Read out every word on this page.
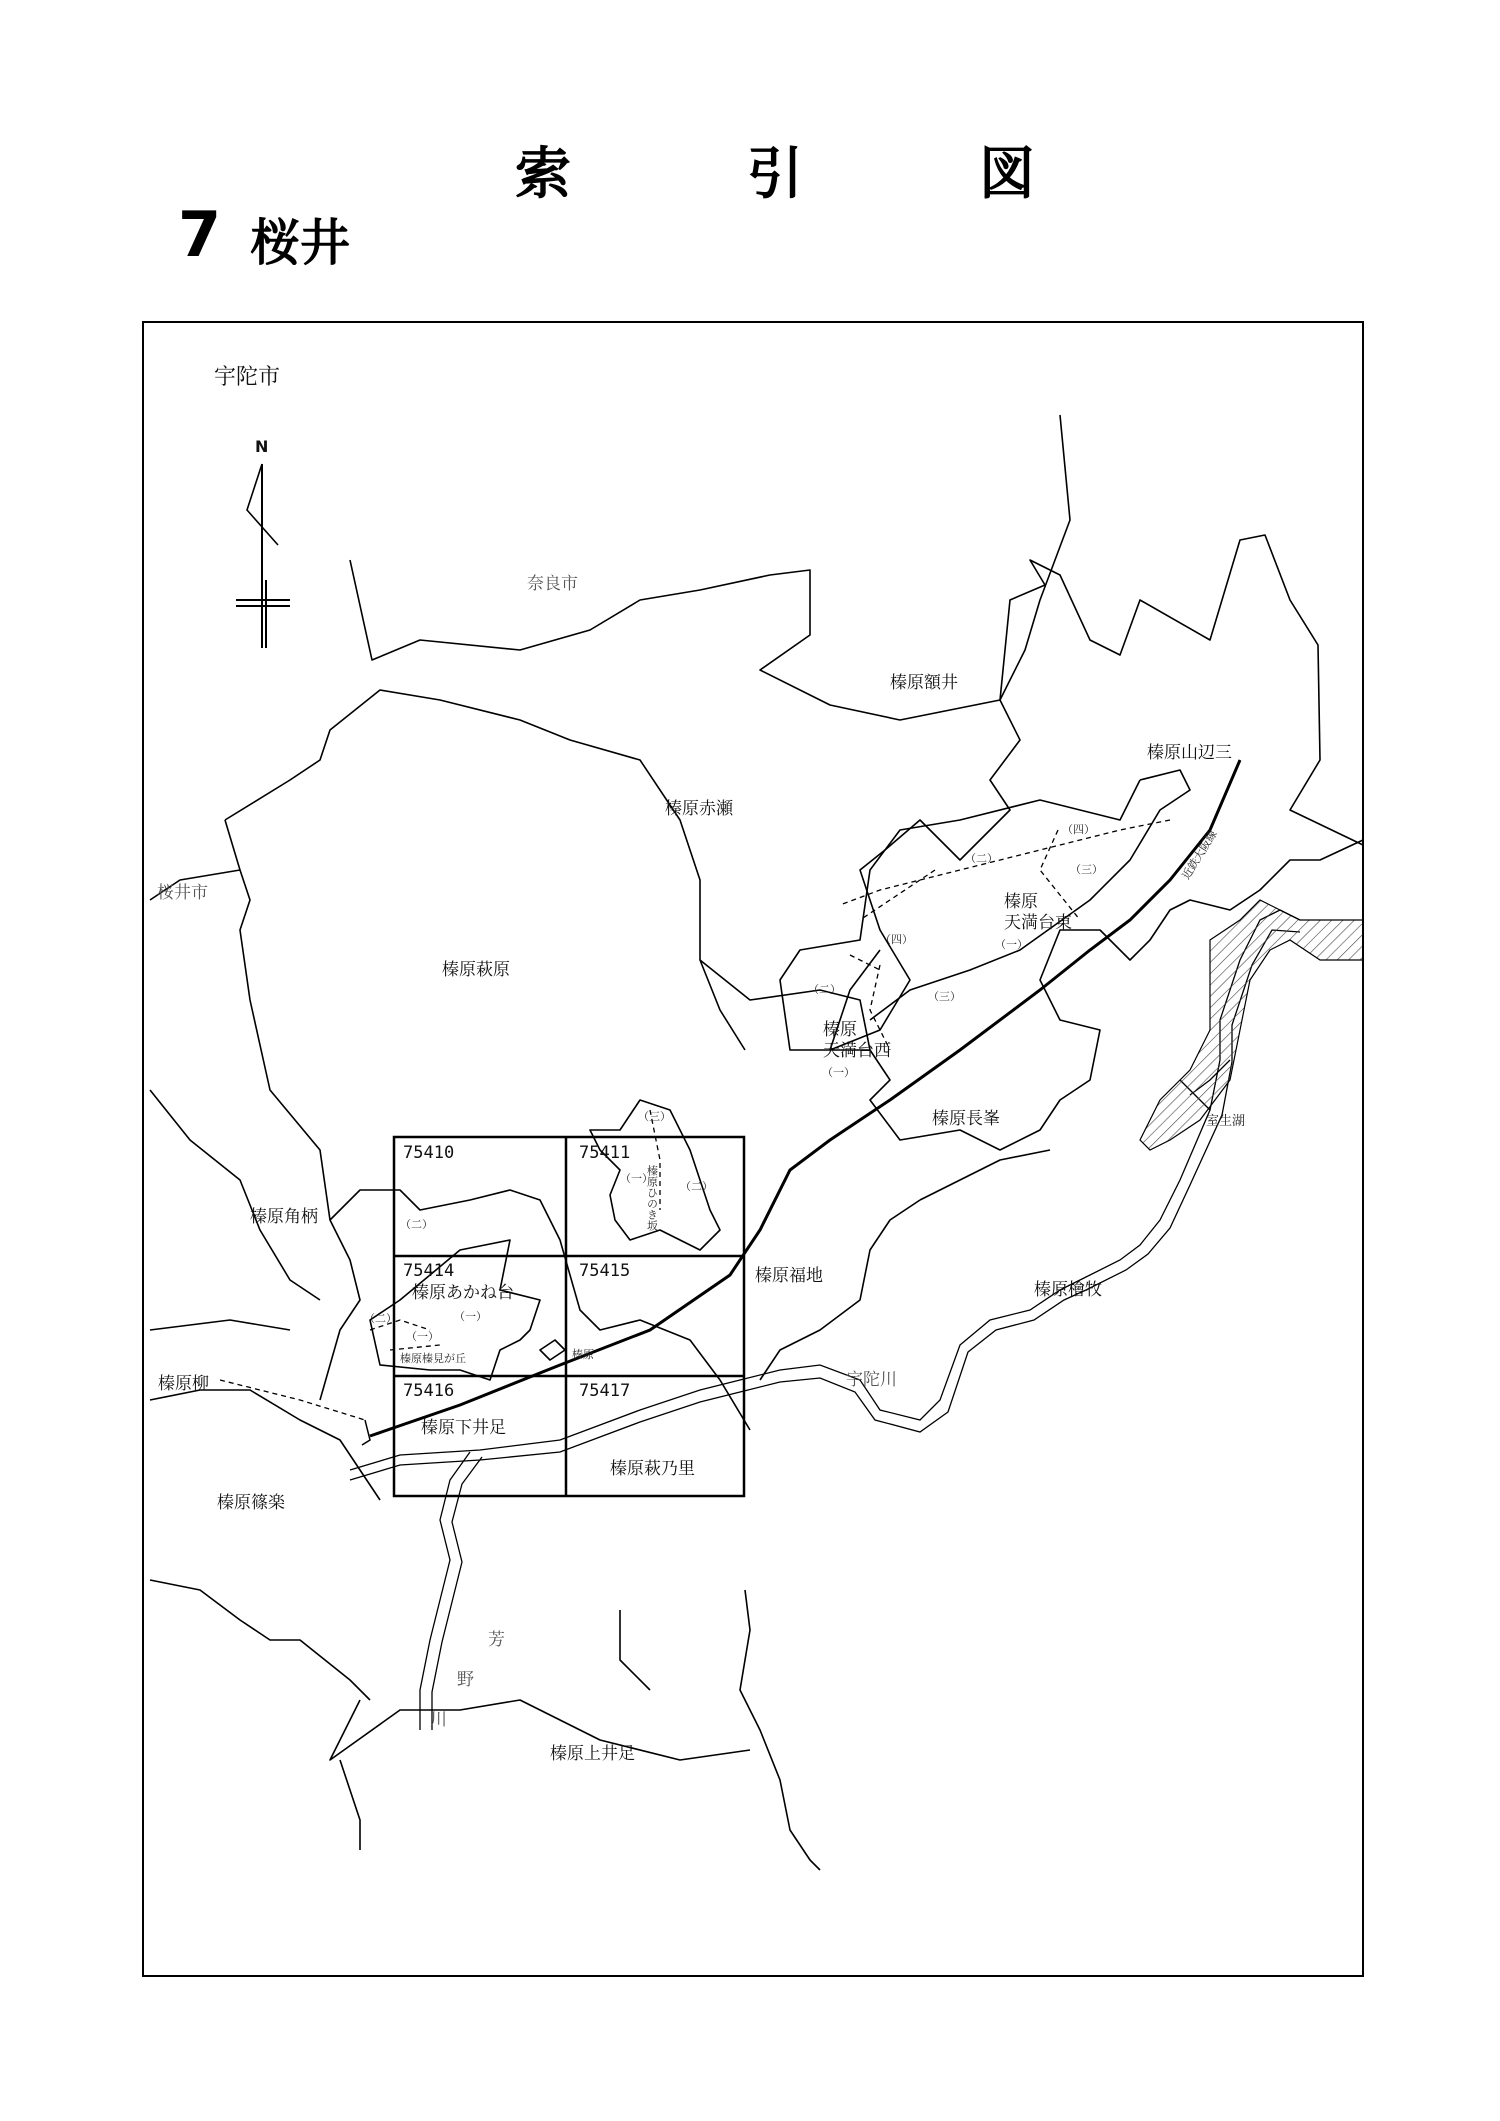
索	引	図
7 桜井
N
近鉄大阪線
75410	75411
75414	75415
75416	75417
宇陀市
奈良市
桜井市
榛原額井
榛原赤瀬
榛原山辺三
榛原萩原
榛原
天満台東
榛原
天満台西
榛原長峯
榛原角柄
榛原福地
榛原ひのき坂
榛原あかね台
榛原榛見が丘
榛原柳
榛原下井足
榛原萩乃里
榛原檜牧
榛原篠楽
榛原上井足
榛原
室生湖
宇陀川
芳
野
川
（四）
（二）
（三）
（一）
（四）
（二）
（三）
（一）
（三）
（一）
（二）
（二）
（一）
（二）
（一）
